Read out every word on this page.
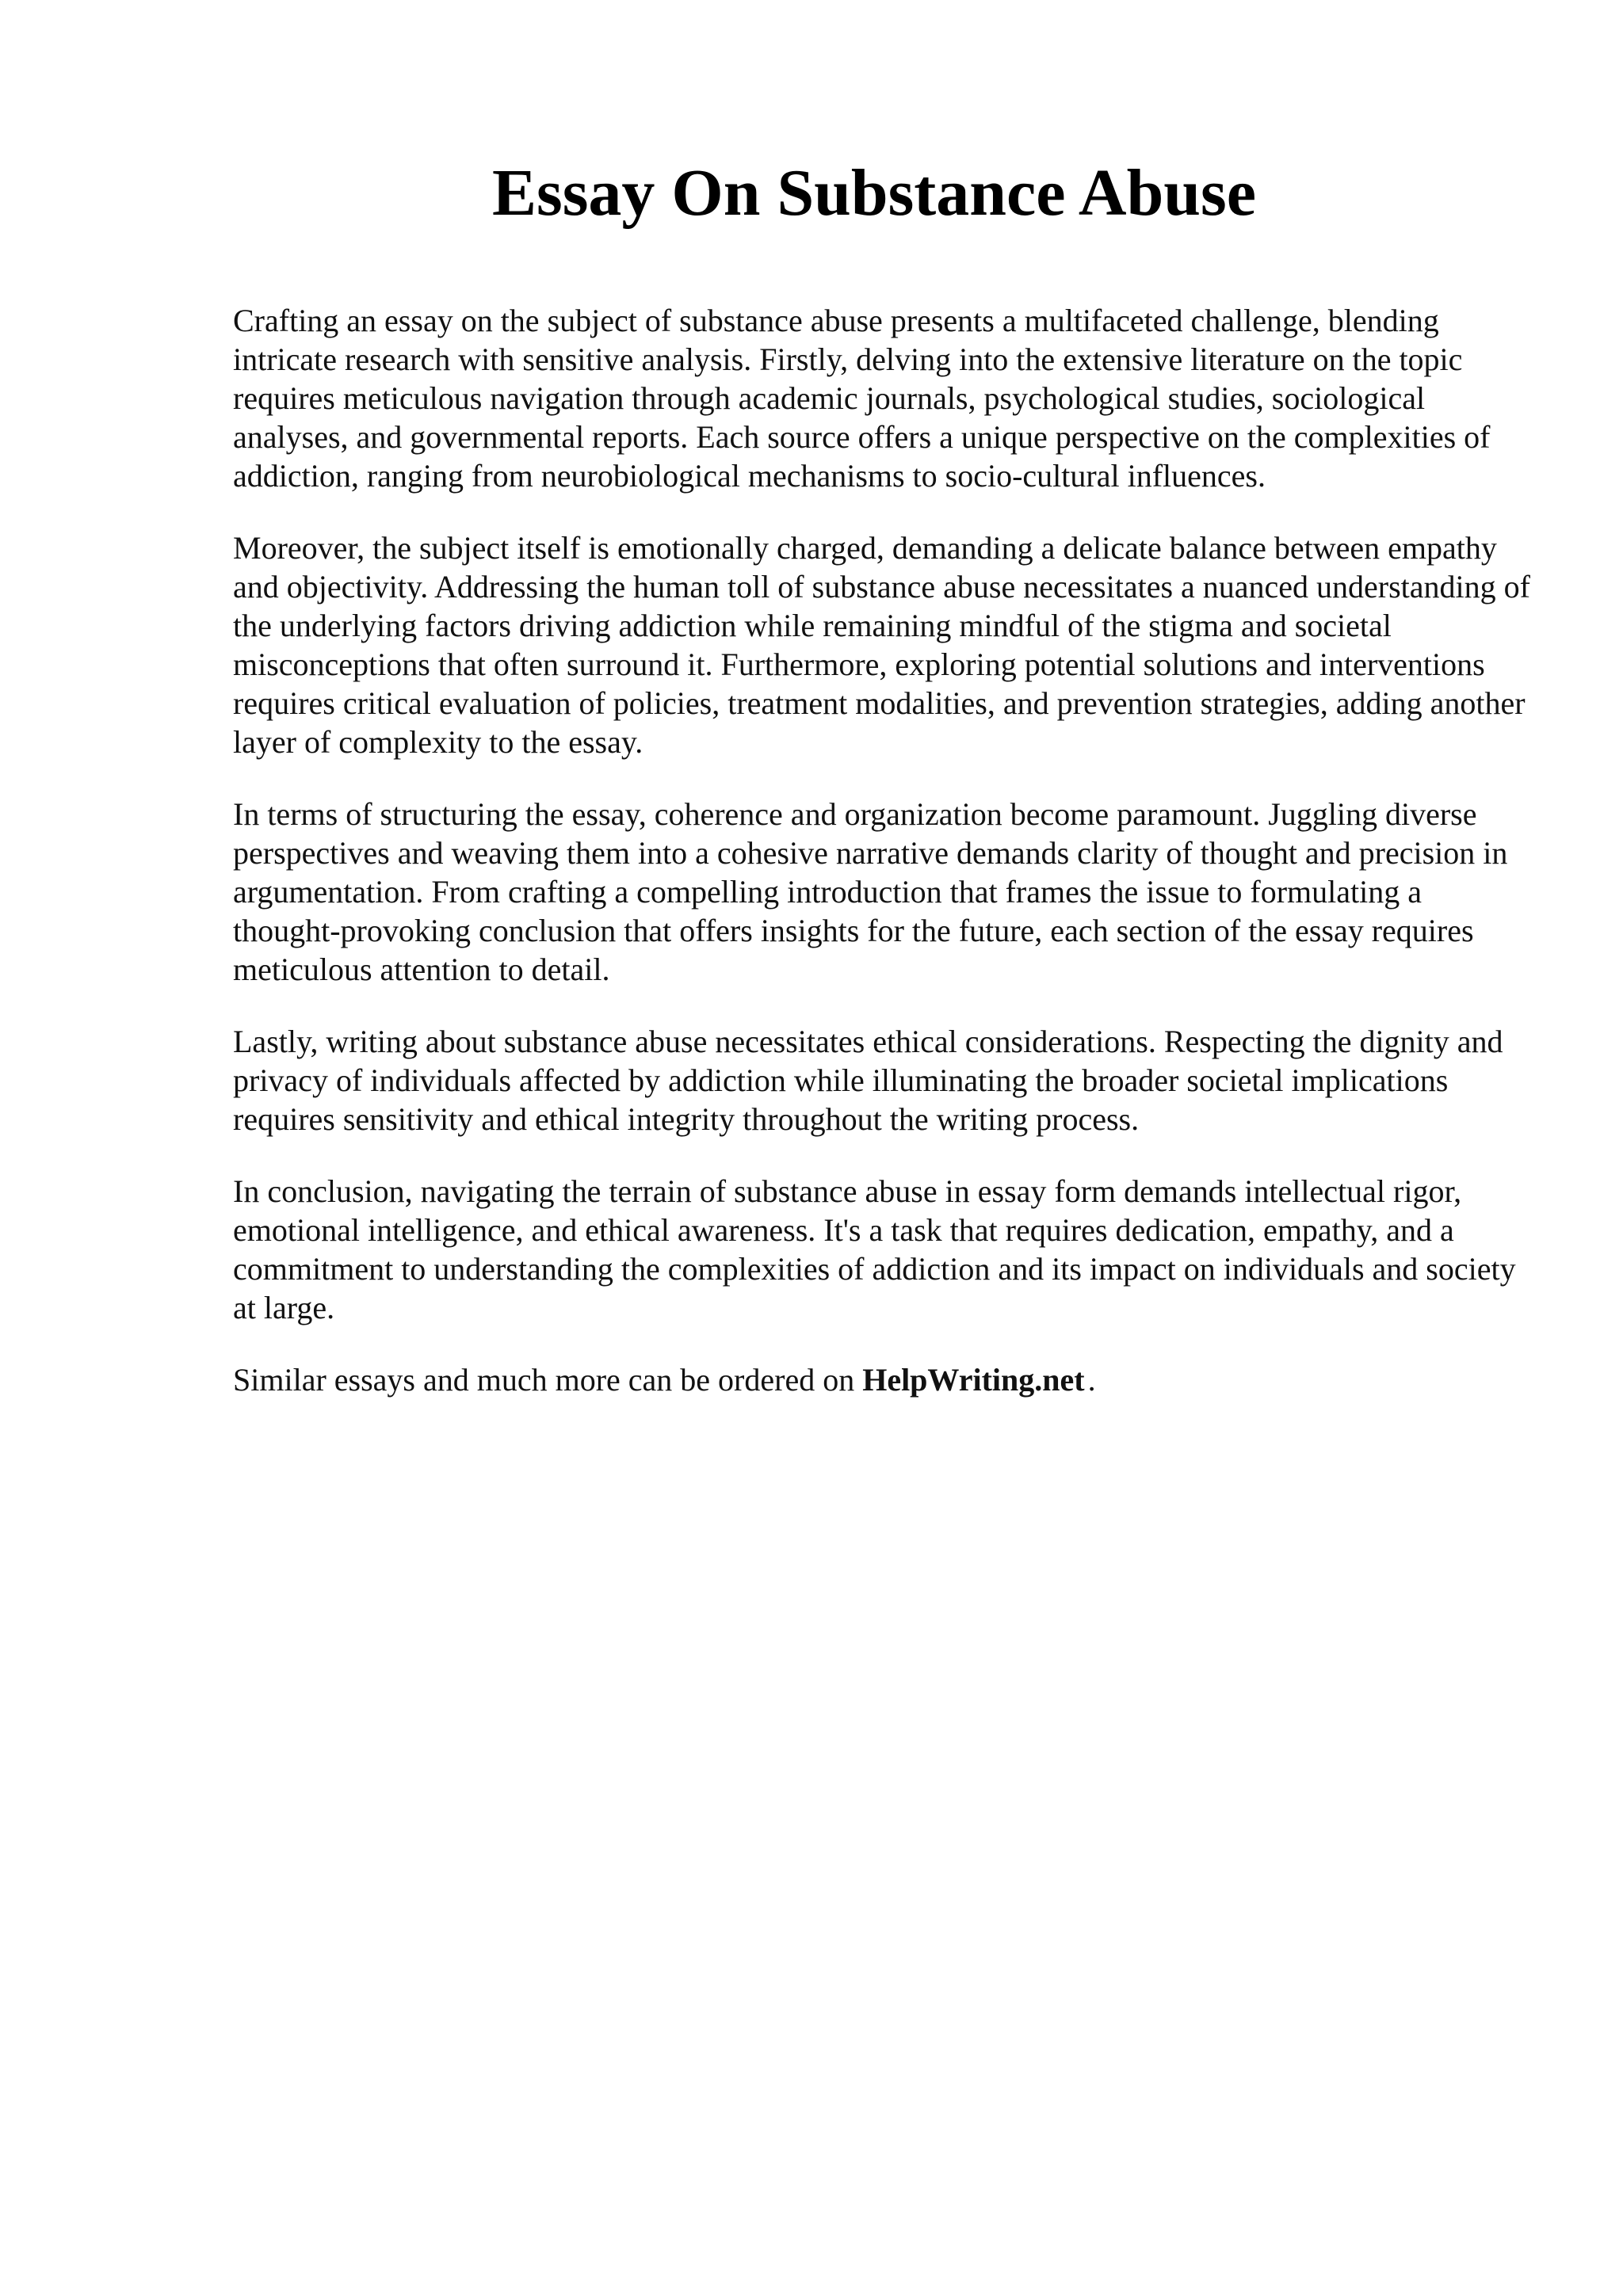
Essay On Substance Abuse

Crafting an essay on the subject of substance abuse presents a multifaceted challenge, blending intricate research with sensitive analysis. Firstly, delving into the extensive literature on the topic requires meticulous navigation through academic journals, psychological studies, sociological analyses, and governmental reports. Each source offers a unique perspective on the complexities of addiction, ranging from neurobiological mechanisms to socio-cultural influences.

Moreover, the subject itself is emotionally charged, demanding a delicate balance between empathy and objectivity. Addressing the human toll of substance abuse necessitates a nuanced understanding of the underlying factors driving addiction while remaining mindful of the stigma and societal misconceptions that often surround it. Furthermore, exploring potential solutions and interventions requires critical evaluation of policies, treatment modalities, and prevention strategies, adding another layer of complexity to the essay.

In terms of structuring the essay, coherence and organization become paramount. Juggling diverse perspectives and weaving them into a cohesive narrative demands clarity of thought and precision in argumentation. From crafting a compelling introduction that frames the issue to formulating a thought-provoking conclusion that offers insights for the future, each section of the essay requires meticulous attention to detail.

Lastly, writing about substance abuse necessitates ethical considerations. Respecting the dignity and privacy of individuals affected by addiction while illuminating the broader societal implications requires sensitivity and ethical integrity throughout the writing process.

In conclusion, navigating the terrain of substance abuse in essay form demands intellectual rigor, emotional intelligence, and ethical awareness. It's a task that requires dedication, empathy, and a commitment to understanding the complexities of addiction and its impact on individuals and society at large.

Similar essays and much more can be ordered on HelpWriting.net .
